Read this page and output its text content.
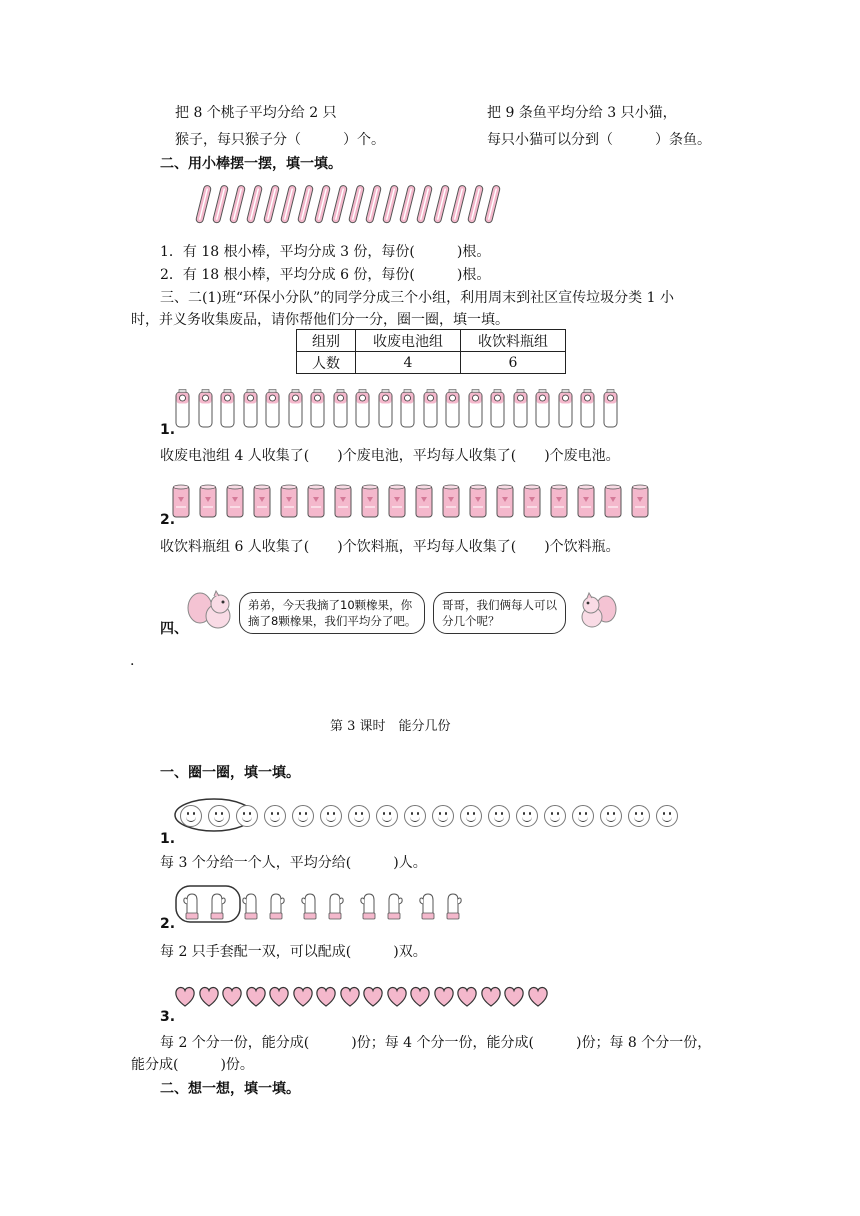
把 8 个桃子平均分给 2 只
猴子，每只猴子分（　　　）个。
把 9 条鱼平均分给 3 只小猫，
每只小猫可以分到（　　　）条鱼。
二、用小棒摆一摆，填一填。
1．有 18 根小棒，平均分成 3 份，每份(　　　)根。
2．有 18 根小棒，平均分成 6 份，每份(　　　)根。
三、二(1)班“环保小分队”的同学分成三个小组，利用周末到社区宣传垃圾分类 1 小
时，并义务收集废品，请你帮他们分一分，圈一圈，填一填。
组别	收废电池组	收饮料瓶组
人数	4	6
1.
收废电池组 4 人收集了(　　)个废电池，平均每人收集了(　　)个废电池。
2.
收饮料瓶组 6 人收集了(　　)个饮料瓶，平均每人收集了(　　)个饮料瓶。
四、
弟弟，今天我摘了10颗橡果，你
摘了8颗橡果，我们平均分了吧。
哥哥，我们俩每人可以
分几个呢？
.
第 3 课时　能分几份
一、圈一圈，填一填。
1.
每 3 个分给一个人，平均分给(　　　)人。
2.
每 2 只手套配一双，可以配成(　　　)双。
3.
每 2 个分一份，能分成(　　　)份；每 4 个分一份，能分成(　　　)份；每 8 个分一份，
能分成(　　　)份。
二、想一想，填一填。
